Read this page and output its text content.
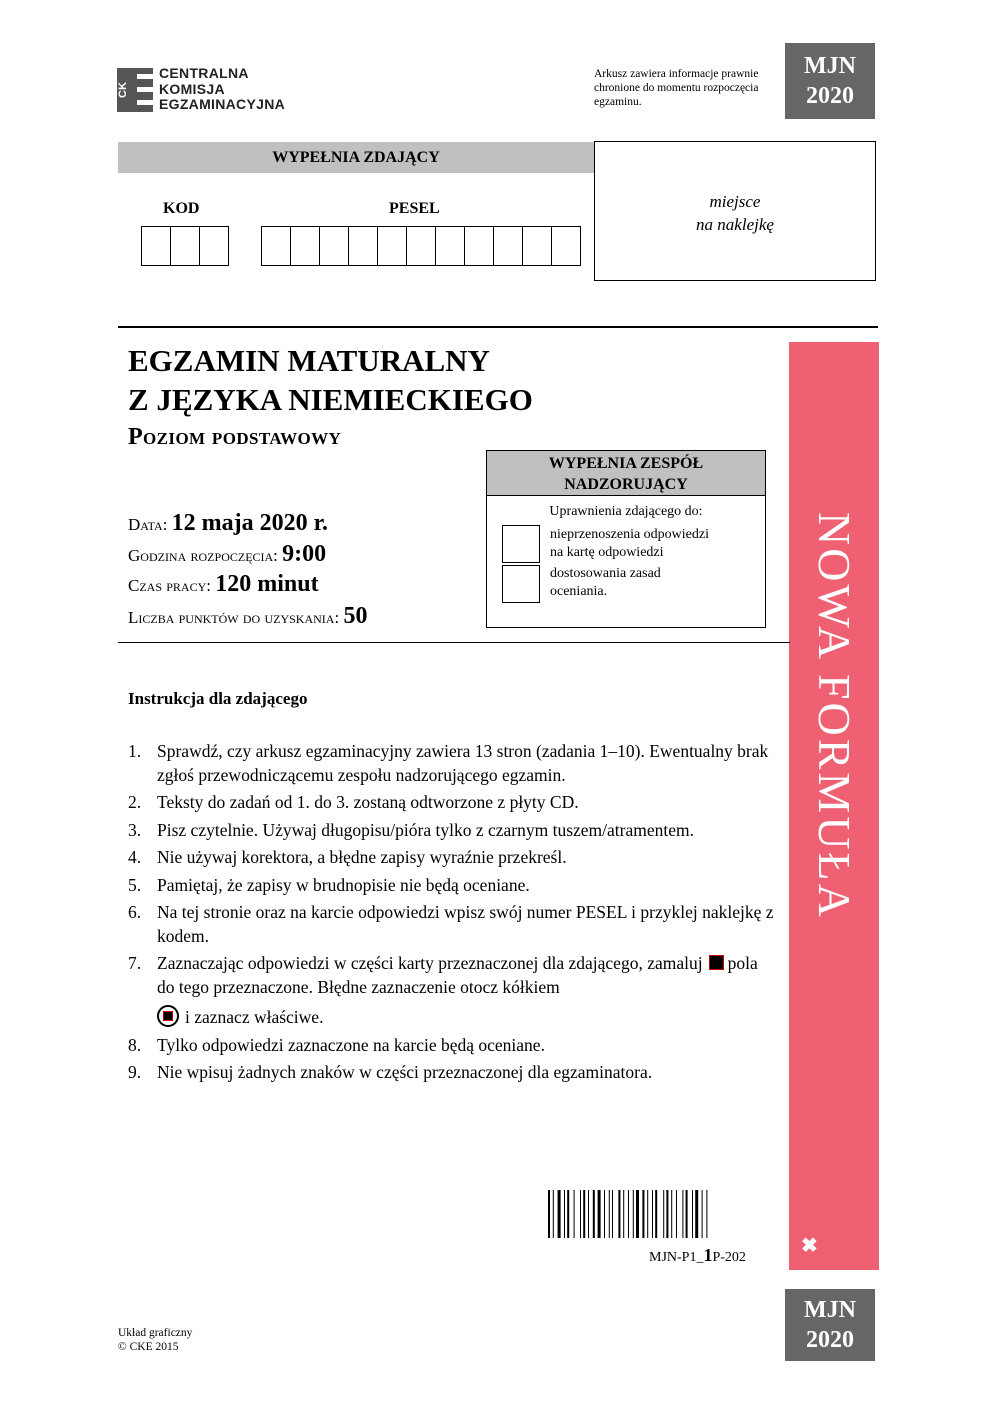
CK
CENTRALNA
KOMISJA
EGZAMINACYJNA
Arkusz zawiera informacje prawnie chronione do momentu rozpoczęcia egzaminu.
MJN
2020
WYPEŁNIA ZDAJĄCY
KOD	PESEL	miejsce
na naklejkę
NOWA FORMUŁA
✖
EGZAMIN MATURALNY
Z JĘZYKA NIEMIECKIEGO
Poziom podstawowy
Data: 12 maja 2020 r.
Godzina rozpoczęcia: 9:00
Czas pracy: 120 minut
Liczba punktów do uzyskania: 50
WYPEŁNIA ZESPÓŁ
NADZORUJĄCY
Uprawnienia zdającego do:
nieprzenoszenia odpowiedzi
na kartę odpowiedzi
dostosowania zasad
oceniania.
Instrukcja dla zdającego
1. Sprawdź, czy arkusz egzaminacyjny zawiera 13 stron (zadania 1–10). Ewentualny brak zgłoś przewodniczącemu zespołu nadzorującego egzamin.
2. Teksty do zadań od 1. do 3. zostaną odtworzone z płyty CD.
3. Pisz czytelnie. Używaj długopisu/pióra tylko z czarnym tuszem/atramentem.
4. Nie używaj korektora, a błędne zapisy wyraźnie przekreśl.
5. Pamiętaj, że zapisy w brudnopisie nie będą oceniane.
6. Na tej stronie oraz na karcie odpowiedzi wpisz swój numer PESEL i przyklej naklejkę z kodem.
7. Zaznaczając odpowiedzi w części karty przeznaczonej dla zdającego, zamaluj pola do tego przeznaczone. Błędne zaznaczenie otocz kółkiem
i zaznacz właściwe.
8. Tylko odpowiedzi zaznaczone na karcie będą oceniane.
9. Nie wpisuj żadnych znaków w części przeznaczonej dla egzaminatora.
MJN-P1_1P-202
MJN
2020
Układ graficzny
© CKE 2015
